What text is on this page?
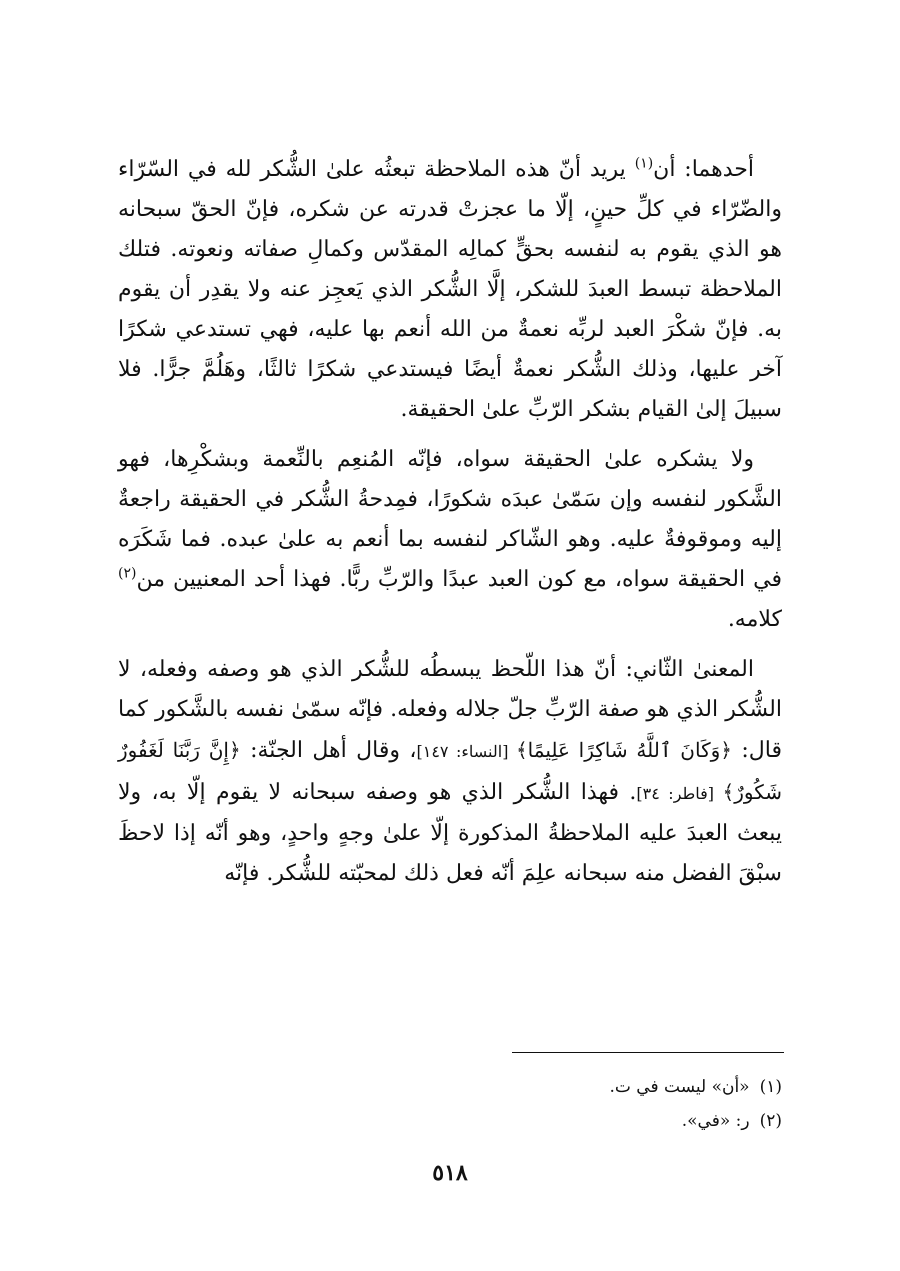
أحدهما: أن$^{(١)}$ يريد أنّ هذه الملاحظة تبعثُه علىٰ الشُّكر لله في السّرّاء والضّرّاء في كلِّ حينٍ، إلّا ما عجزتْ قدرته عن شكره، فإنّ الحقّ سبحانه هو الذي يقوم به لنفسه بحقٍّ كمالِه المقدّس وكمالِ صفاته ونعوته. فتلك الملاحظة تبسط العبدَ للشكر، إلَّا الشُّكر الذي يَعجِز عنه ولا يقدِر أن يقوم به. فإنّ شكْرَ العبد لربِّه نعمةٌ من الله أنعم بها عليه، فهي تستدعي شكرًا آخر عليها، وذلك الشُّكر نعمةٌ أيضًا فيستدعي شكرًا ثالثًا، وهَلُمَّ جرًّا. فلا سبيلَ إلىٰ القيام بشكر الرّبِّ علىٰ الحقيقة.

ولا يشكره علىٰ الحقيقة سواه، فإنّه المُنعِم بالنِّعمة وبشكْرِها، فهو الشَّكور لنفسه وإن سَمّىٰ عبدَه شكورًا، فمِدحةُ الشُّكر في الحقيقة راجعةٌ إليه وموقوفةٌ عليه. وهو الشّاكر لنفسه بما أنعم به علىٰ عبده. فما شَكَرَه في الحقيقة سواه، مع كون العبد عبدًا والرّبِّ ربًّا. فهذا أحد المعنيين من$^{(٢)}$ كلامه.

المعنىٰ الثّاني: أنّ هذا اللّحظ يبسطُه للشُّكر الذي هو وصفه وفعله، لا الشُّكر الذي هو صفة الرّبِّ جلّ جلاله وفعله. فإنّه سمّىٰ نفسه بالشَّكور كما قال: ﴿وَكَانَ ٱللَّهُ شَاكِرًا عَلِيمًا﴾ [النساء: ١٤٧]، وقال أهل الجنّة: ﴿إِنَّ رَبَّنَا لَغَفُورٌ شَكُورٌ﴾ [فاطر: ٣٤]. فهذا الشُّكر الذي هو وصفه سبحانه لا يقوم إلّا به، ولا يبعث العبدَ عليه الملاحظةُ المذكورة إلّا علىٰ وجهٍ واحدٍ، وهو أنّه إذا لاحظَ سبْقَ الفضل منه سبحانه علِمَ أنّه فعل ذلك لمحبّته للشُّكر. فإنّه

(١)«أن» ليست في ت.
(٢)ر: «في».
٥١٨
